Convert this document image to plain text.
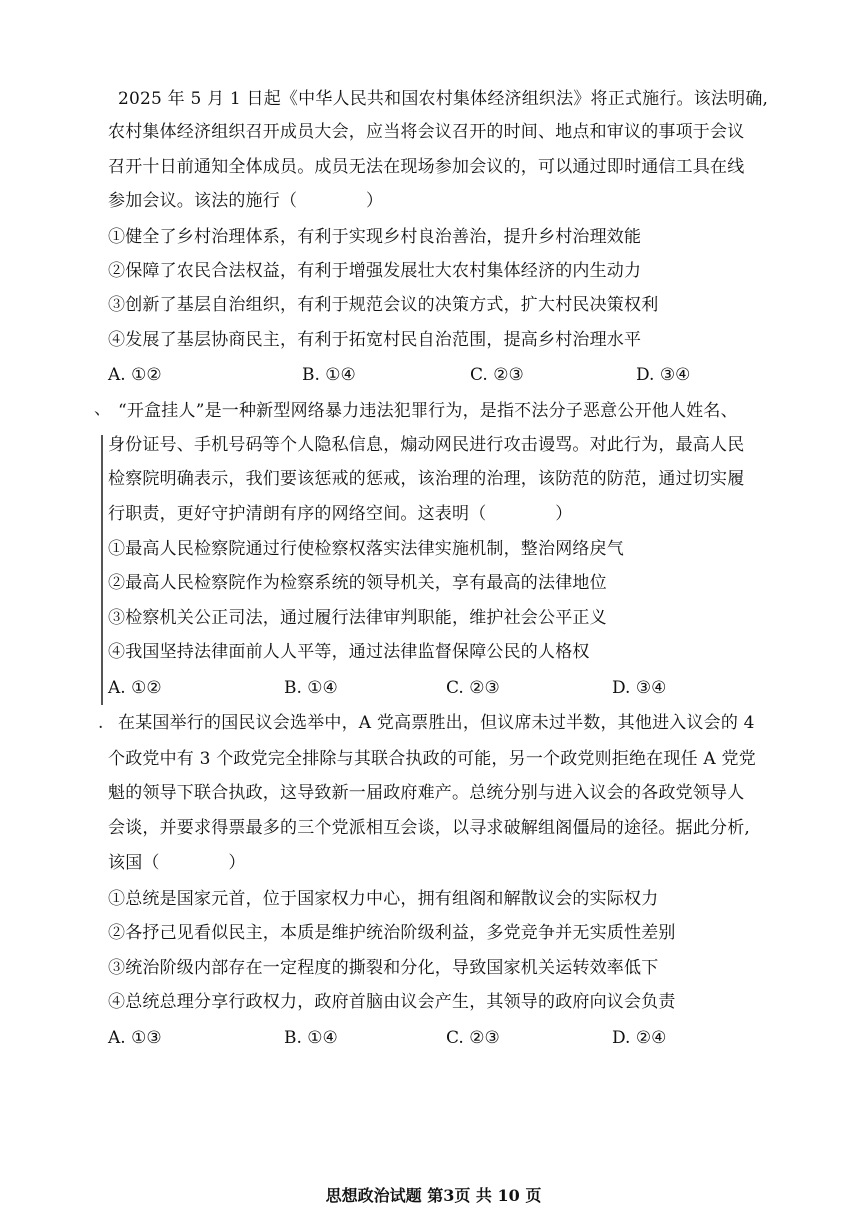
2025 年 5 月 1 日起《中华人民共和国农村集体经济组织法》将正式施行。该法明确,
农村集体经济组织召开成员大会，应当将会议召开的时间、地点和审议的事项于会议
召开十日前通知全体成员。成员无法在现场参加会议的，可以通过即时通信工具在线
参加会议。该法的施行（　　　　）
①健全了乡村治理体系，有利于实现乡村良治善治，提升乡村治理效能
②保障了农民合法权益，有利于增强发展壮大农村集体经济的内生动力
③创新了基层自治组织，有利于规范会议的决策方式，扩大村民决策权利
④发展了基层协商民主，有利于拓宽村民自治范围，提高乡村治理水平
A. ①②	B. ①④	C. ②③	D. ③④
、 “开盒挂人”是一种新型网络暴力违法犯罪行为，是指不法分子恶意公开他人姓名、
身份证号、手机号码等个人隐私信息，煽动网民进行攻击谩骂。对此行为，最高人民
检察院明确表示，我们要该惩戒的惩戒，该治理的治理，该防范的防范，通过切实履
行职责，更好守护清朗有序的网络空间。这表明（　　　　）
①最高人民检察院通过行使检察权落实法律实施机制，整治网络戾气
②最高人民检察院作为检察系统的领导机关，享有最高的法律地位
③检察机关公正司法，通过履行法律审判职能，维护社会公平正义
④我国坚持法律面前人人平等，通过法律监督保障公民的人格权
A. ①②	B. ①④	C. ②③	D. ③④
. 在某国举行的国民议会选举中，A 党高票胜出，但议席未过半数，其他进入议会的 4
个政党中有 3 个政党完全排除与其联合执政的可能，另一个政党则拒绝在现任 A 党党
魁的领导下联合执政，这导致新一届政府难产。总统分别与进入议会的各政党领导人
会谈，并要求得票最多的三个党派相互会谈，以寻求破解组阁僵局的途径。据此分析,
该国（　　　　）
①总统是国家元首，位于国家权力中心，拥有组阁和解散议会的实际权力
②各抒己见看似民主，本质是维护统治阶级利益，多党竞争并无实质性差别
③统治阶级内部存在一定程度的撕裂和分化，导致国家机关运转效率低下
④总统总理分享行政权力，政府首脑由议会产生，其领导的政府向议会负责
A. ①③	B. ①④	C. ②③	D. ②④
思想政治试题 第3页 共 10 页
